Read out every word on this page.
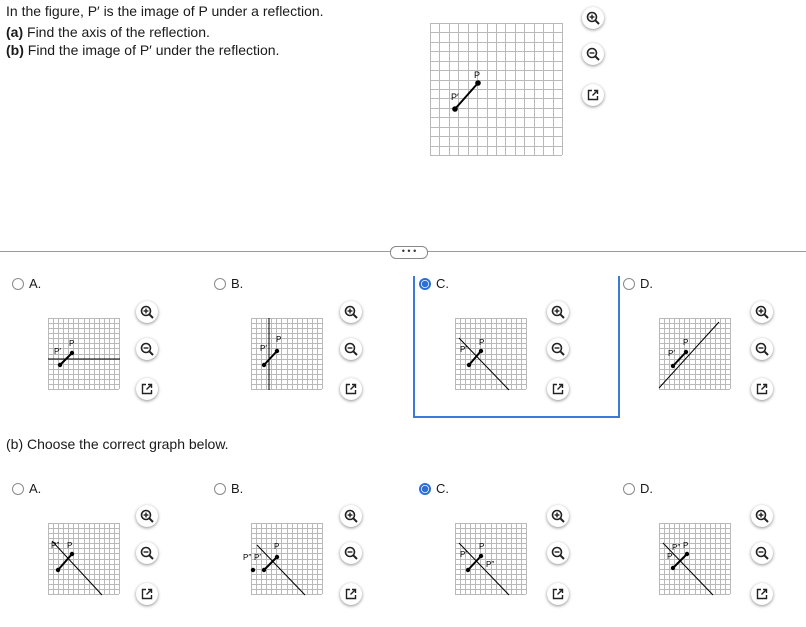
In the figure, P′ is the image of P under a reflection.
(a) Find the axis of the reflection.
(b) Find the image of P′ under the reflection.
P
P′
• • •
A.	B.	C.	D.
P′
P
P′
P
P′
P
P′
P
(b) Choose the correct graph below.
A.	B.	C.	D.
P″ P
P″ P′
P
P′
P
P″
P′
P″ P
